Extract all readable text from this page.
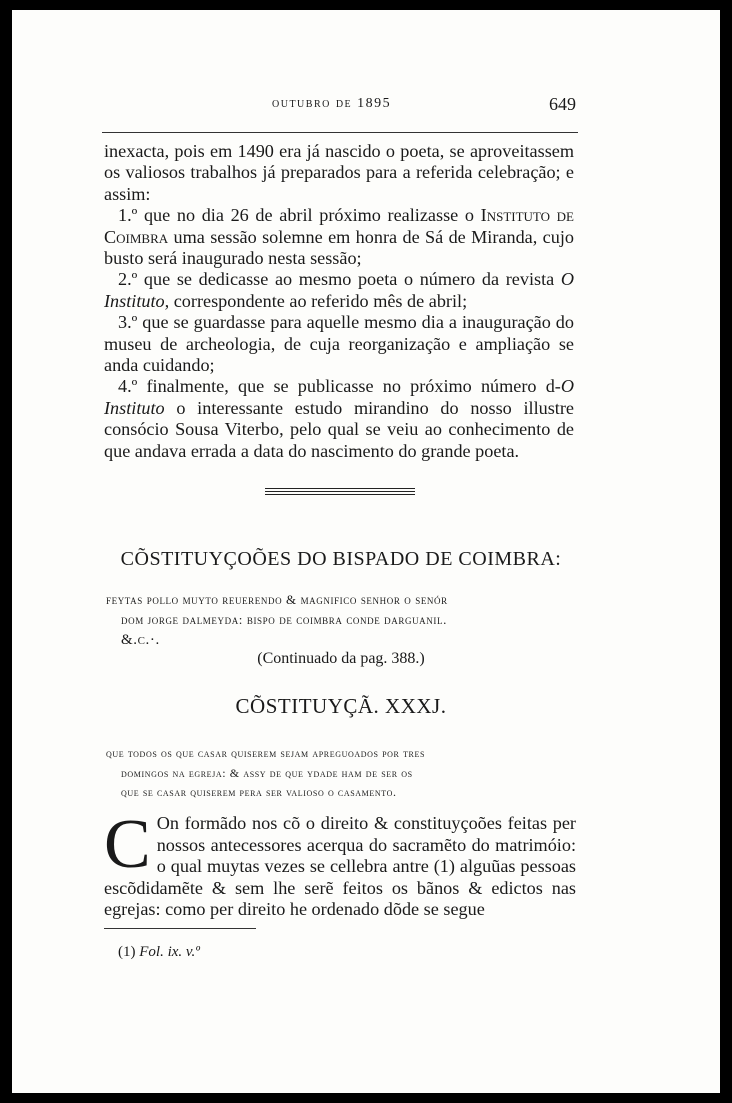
outubro de 1895	649

inexacta, pois em 1490 era já nascido o poeta, se aproveitassem os valiosos trabalhos já preparados para a referida celebração; e assim:

1.º que no dia 26 de abril próximo realizasse o Instituto de Coimbra uma sessão solemne em honra de Sá de Miranda, cujo busto será inaugurado nesta sessão;

2.º que se dedicasse ao mesmo poeta o número da revista O Instituto, correspondente ao referido mês de abril;

3.º que se guardasse para aquelle mesmo dia a inauguração do museu de archeologia, de cuja reorganização e ampliação se anda cuidando;

4.º finalmente, que se publicasse no próximo número d-O Instituto o interessante estudo mirandino do nosso illustre consócio Sousa Viterbo, pelo qual se veiu ao conhecimento de que andava errada a data do nascimento do grande poeta.

CÕSTITUYÇOÕES DO BISPADO DE COIMBRA:
feytas pollo muyto reuerendo & magnifico senhor o senór
dom jorge dalmeyda: bispo de coimbra conde darguanil.
&.c.·.
(Continuado da pag. 388.)
CÕSTITUYÇÃ. XXXJ.
que todos os que casar quiserem sejam apreguoados por tres
domingos na egreja: & assy de que ydade ham de ser os
que se casar quiserem pera ser valioso o casamento.
C On formãdo nos cõ o direito & constituyçoões feitas per nossos antecessores acerqua do sacramẽto do matrimóio: o qual muytas vezes se cellebra antre (1) alguũas pessoas escõdidamẽte & sem lhe serẽ feitos os bãnos & edictos nas egrejas: como per direito he ordenado dõde se segue

(1) Fol. ix. v.º
